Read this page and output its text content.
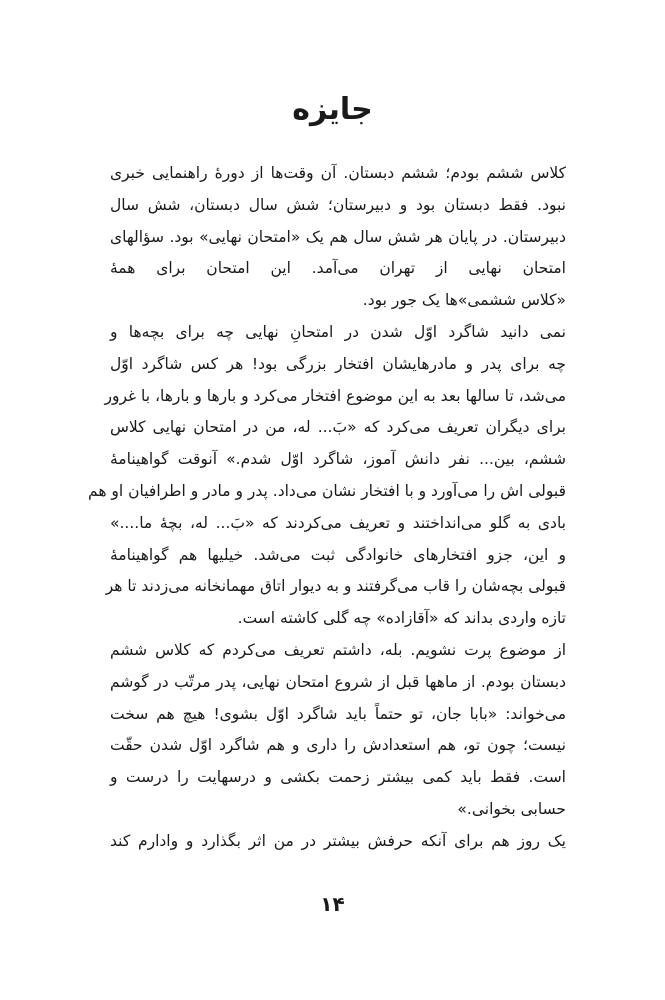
جایزه
کلاس ششم بودم؛ ششم دبستان. آن وقت‌ها از دورهٔ راهنمایی خبری
نبود. فقط دبستان بود و دبیرستان؛ شش سال دبستان، شش سال
دبیرستان. در پایان هر شش سال هم یک «امتحان نهایی» بود. سؤالهای
امتحان نهایی از تهران می‌آمد. این امتحان برای همهٔ
«کلاس ششمی»ها یک جور بود.
نمی دانید شاگرد اوّل شدن در امتحانِ نهایی چه برای بچه‌ها و
چه برای پدر و مادرهایشان افتخار بزرگی بود! هر کس شاگرد اوّل
می‌شد، تا سالها بعد به این موضوع افتخار می‌کرد و بارها و بارها، با غرور
برای دیگران تعریف می‌کرد که «بَ... له، من در امتحان نهایی کلاس
ششم، بین... نفر دانش آموز، شاگرد اوّل شدم.» آنوقت گواهینامهٔ
قبولی اش را می‌آورد و با افتخار نشان می‌داد. پدر و مادر و اطرافیان او هم
بادی به گلو می‌انداختند و تعریف می‌کردند که «بَ... له، بچهٔ ما....»
و این، جزو افتخارهای خانوادگی ثبت می‌شد. خیلیها هم گواهینامهٔ
قبولی بچه‌شان را قاب می‌گرفتند و به دیوار اتاق مهمانخانه می‌زدند تا هر
تازه واردی بداند که «آقازاده» چه گلی کاشته است.
از موضوع پرت نشویم. بله، داشتم تعریف می‌کردم که کلاس ششم
دبستان بودم. از ماهها قبل از شروع امتحان نهایی، پدر مرتّب در گوشم
می‌خواند: «بابا جان، تو حتماً باید شاگرد اوّل بشوی! هیچ هم سخت
نیست؛ چون تو، هم استعدادش را داری و هم شاگرد اوّل شدن حقّت
است. فقط باید کمی بیشتر زحمت بکشی و درسهایت را درست و
حسابی بخوانی.»
یک روز هم برای آنکه حرفش بیشتر در من اثر بگذارد و وادارم کند
۱۴
